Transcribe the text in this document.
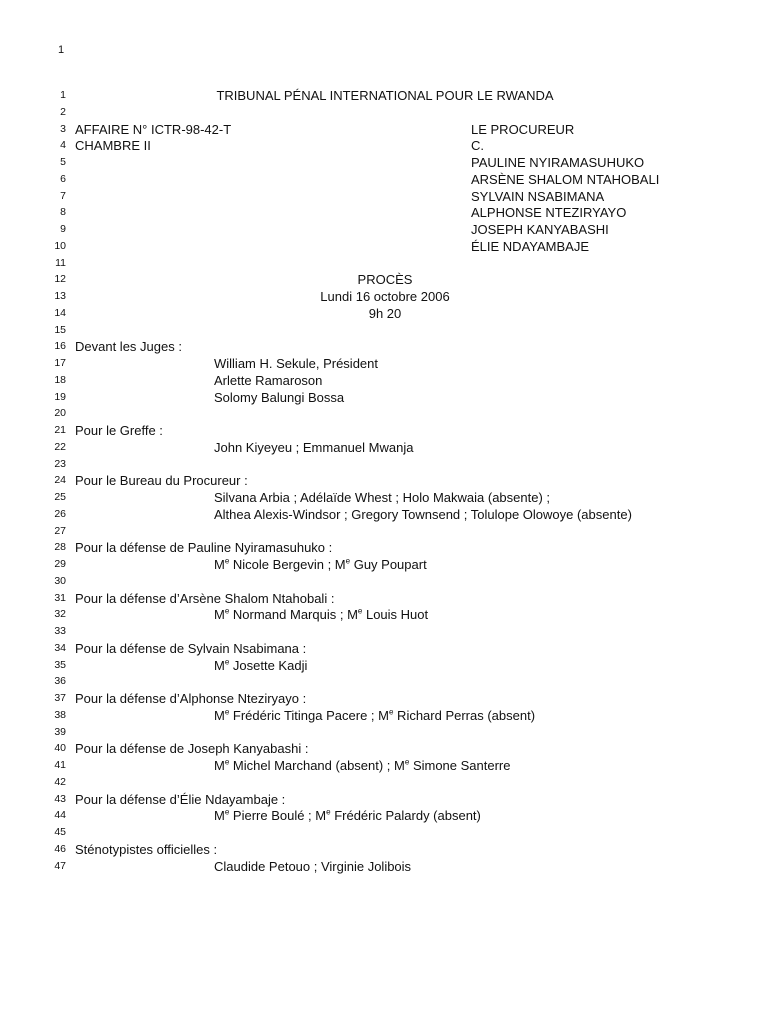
1
1	TRIBUNAL PÉNAL INTERNATIONAL POUR LE RWANDA
2
3 AFFAIRE N° ICTR-98-42-T	LE PROCUREUR
4 CHAMBRE II	C.
5	PAULINE NYIRAMASUHUKO
6	ARSÈNE SHALOM NTAHOBALI
7	SYLVAIN NSABIMANA
8	ALPHONSE NTEZIRYAYO
9	JOSEPH KANYABASHI
10	ÉLIE NDAYAMBAJE
11
12	PROCÈS
13	Lundi 16 octobre 2006
14	9h 20
15
16 Devant les Juges :
17	William H. Sekule, Président
18	Arlette Ramaroson
19	Solomy Balungi Bossa
20
21 Pour le Greffe :
22	John Kiyeyeu ; Emmanuel Mwanja
23
24 Pour le Bureau du Procureur :
25	Silvana Arbia ; Adélaïde Whest ; Holo Makwaia (absente) ;
26	Althea Alexis-Windsor ; Gregory Townsend ; Tolulope Olowoye (absente)
27
28 Pour la défense de Pauline Nyiramasuhuko :
29	Me Nicole Bergevin ; Me Guy Poupart
30
31 Pour la défense d’Arsène Shalom Ntahobali :
32	Me Normand Marquis ; Me Louis Huot
33
34 Pour la défense de Sylvain Nsabimana :
35	Me Josette Kadji
36
37 Pour la défense d’Alphonse Nteziryayo :
38	Me Frédéric Titinga Pacere ; Me Richard Perras (absent)
39
40 Pour la défense de Joseph Kanyabashi :
41	Me Michel Marchand (absent) ; Me Simone Santerre
42
43 Pour la défense d’Élie Ndayambaje :
44	Me Pierre Boulé ; Me Frédéric Palardy (absent)
45
46 Sténotypistes officielles :
47	Claudide Petouo ; Virginie Jolibois
